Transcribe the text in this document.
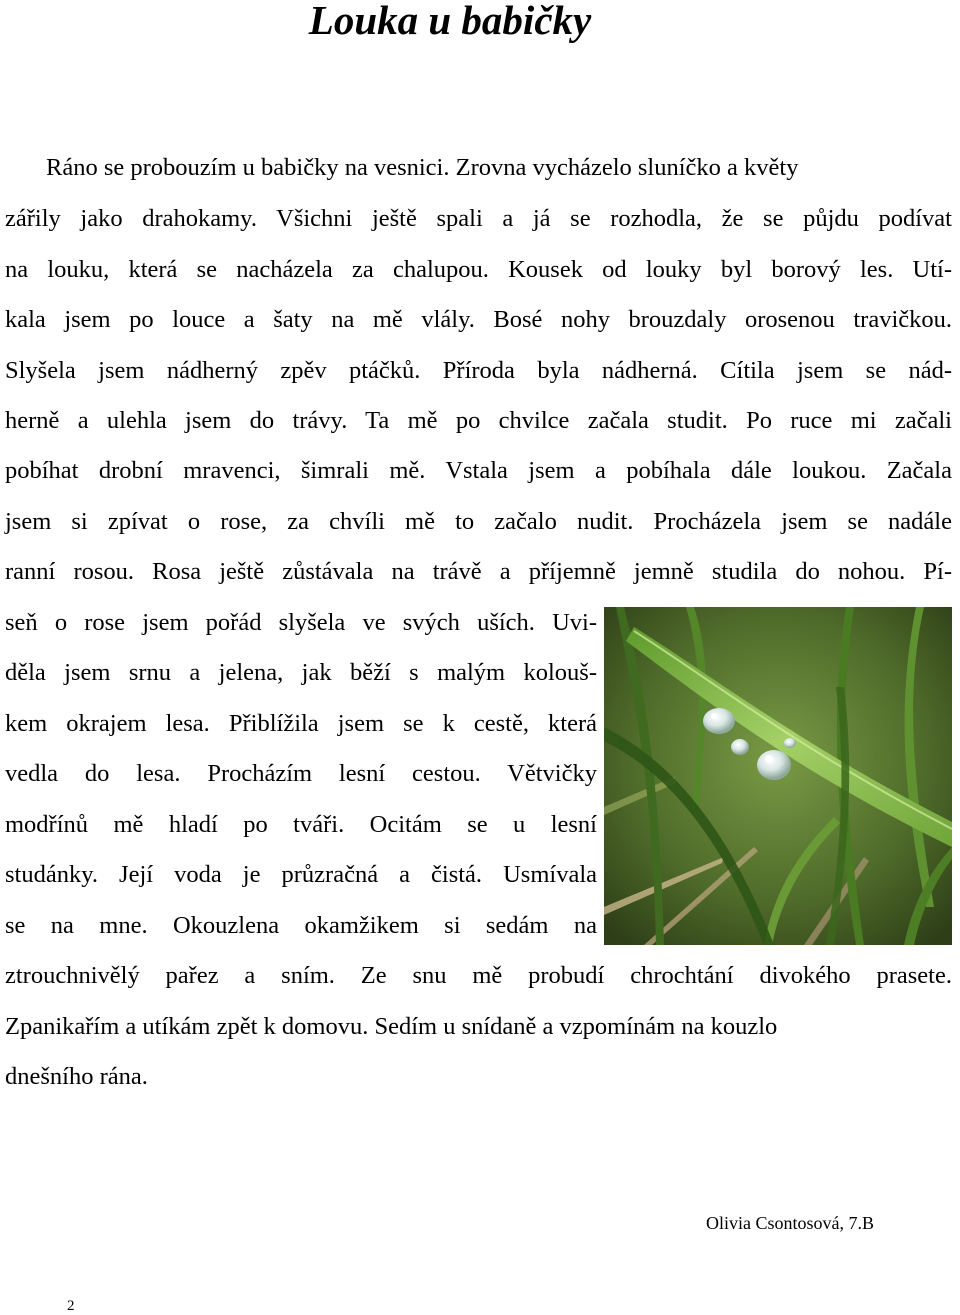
Louka u babičky
Ráno se probouzím u babičky na vesnici. Zrovna vycházelo sluníčko a květy
zářily jako drahokamy. Všichni ještě spali a já se rozhodla, že se půjdu podívat
na louku, která se nacházela za chalupou. Kousek od louky byl borový les. Utí-
kala jsem po louce a šaty na mě vlály. Bosé nohy brouzdaly orosenou travičkou.
Slyšela jsem nádherný zpěv ptáčků. Příroda byla nádherná. Cítila jsem se nád-
herně a ulehla jsem do trávy. Ta mě po chvilce začala studit. Po ruce mi začali
pobíhat drobní mravenci, šimrali mě. Vstala jsem a pobíhala dále loukou. Začala
jsem si zpívat o rose, za chvíli mě to začalo nudit. Procházela jsem se nadále
ranní rosou. Rosa ještě zůstávala na trávě a příjemně jemně studila do nohou. Pí-
seň o rose jsem pořád slyšela ve svých uších. Uvi-
děla jsem srnu a jelena, jak běží s malým kolouš-
kem okrajem lesa. Přiblížila jsem se k cestě, která
vedla do lesa. Procházím lesní cestou. Větvičky
modřínů mě hladí po tváři. Ocitám se u lesní
studánky. Její voda je průzračná a čistá. Usmívala
se na mne. Okouzlena okamžikem si sedám na
ztrouchnivělý pařez a sním. Ze snu mě probudí chrochtání divokého prasete.
Zpanikařím a utíkám zpět k domovu. Sedím u snídaně a vzpomínám na kouzlo
dnešního rána.
Olivia Csontosová, 7.B
2
